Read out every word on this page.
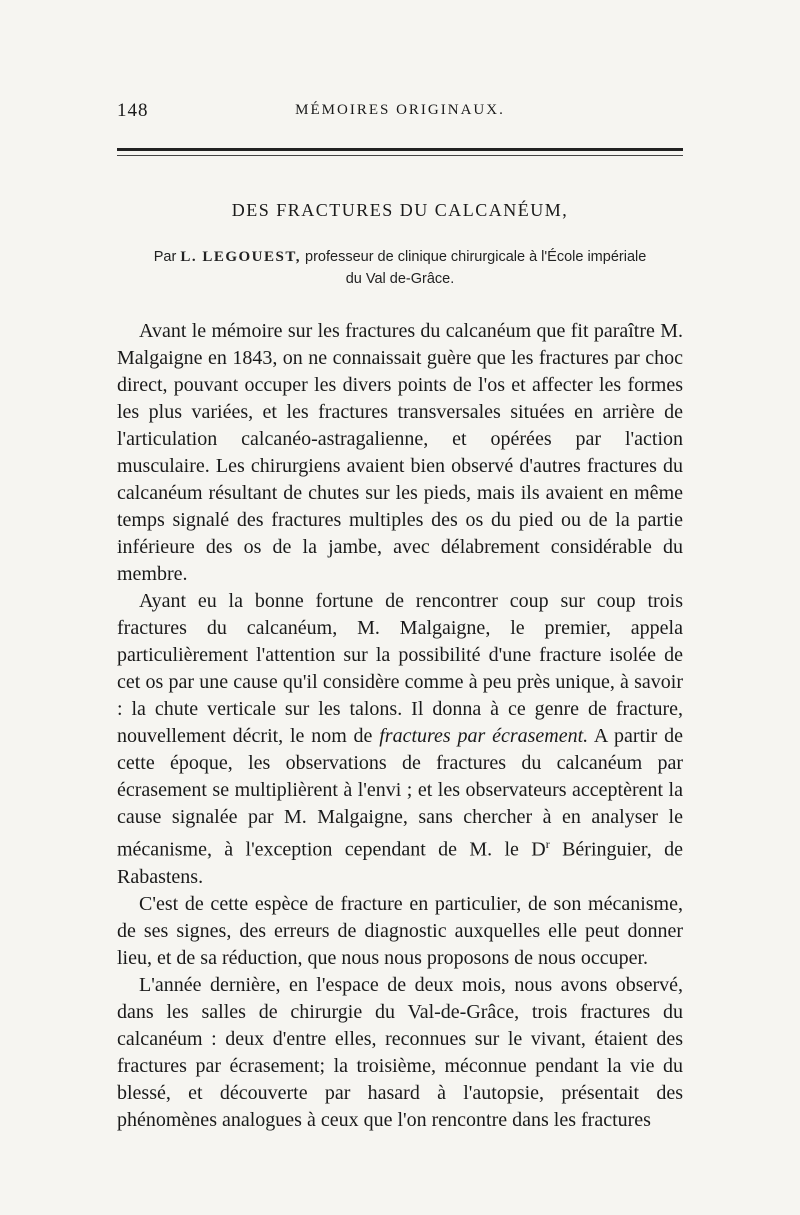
148	MÉMOIRES ORIGINAUX.
DES FRACTURES DU CALCANÉUM,
Par L. LEGOUEST, professeur de clinique chirurgicale à l'École impériale
du Val de-Grâce.

Avant le mémoire sur les fractures du calcanéum que fit paraître M. Malgaigne en 1843, on ne connaissait guère que les fractures par choc direct, pouvant occuper les divers points de l'os et affecter les formes les plus variées, et les fractures transversales situées en arrière de l'articulation calcanéo-astragalienne, et opérées par l'action musculaire. Les chirurgiens avaient bien observé d'autres fractures du calcanéum résultant de chutes sur les pieds, mais ils avaient en même temps signalé des fractures multiples des os du pied ou de la partie inférieure des os de la jambe, avec délabrement considérable du membre.

Ayant eu la bonne fortune de rencontrer coup sur coup trois fractures du calcanéum, M. Malgaigne, le premier, appela particulièrement l'attention sur la possibilité d'une fracture isolée de cet os par une cause qu'il considère comme à peu près unique, à savoir : la chute verticale sur les talons. Il donna à ce genre de fracture, nouvellement décrit, le nom de fractures par écrasement. A partir de cette époque, les observations de fractures du calcanéum par écrasement se multiplièrent à l'envi ; et les observateurs acceptèrent la cause signalée par M. Malgaigne, sans chercher à en analyser le mécanisme, à l'exception cependant de M. le $D^r$ Béringuier, de Rabastens.

C'est de cette espèce de fracture en particulier, de son mécanisme, de ses signes, des erreurs de diagnostic auxquelles elle peut donner lieu, et de sa réduction, que nous nous proposons de nous occuper.

L'année dernière, en l'espace de deux mois, nous avons observé, dans les salles de chirurgie du Val-de-Grâce, trois fractures du calcanéum : deux d'entre elles, reconnues sur le vivant, étaient des fractures par écrasement; la troisième, méconnue pendant la vie du blessé, et découverte par hasard à l'autopsie, présentait des phénomènes analogues à ceux que l'on rencontre dans les fractures
